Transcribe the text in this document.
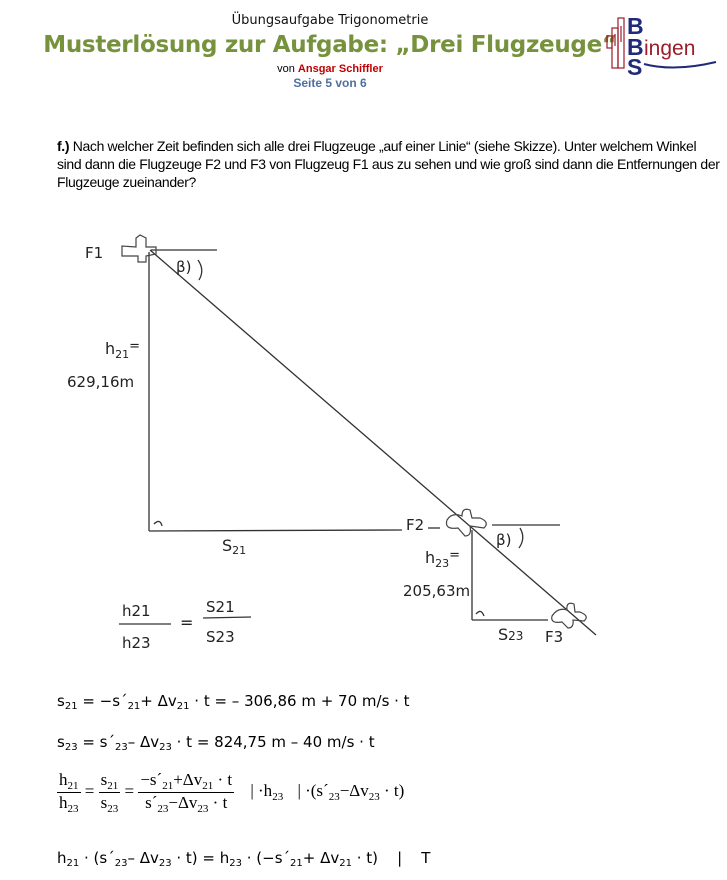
Übungsaufgabe Trigonometrie
Musterlösung zur Aufgabe: „Drei Flugzeuge“
von Ansgar Schiffler
Seite 5 von 6
B
B ingen
S
f.) Nach welcher Zeit befinden sich alle drei Flugzeuge „auf einer Linie“ (siehe Skizze). Unter welchem Winkel sind dann die Flugzeuge F2 und F3 von Flugzeug F1 aus zu sehen und wie groß sind dann die Entfernungen der Flugzeuge zueinander?
F1
β)
F2
β)
F3
$h_{21}^=$
629,16m
$h_{23}^=$
205,63m
S21
S23
h21
h23
=
S21
S23
$s_{21}$ = $-s´_{21}+ \Delta v_{21} \cdot t$ = – 306,86 m + 70 m/s · t
$s_{23}$ = $s´_{23}-$ $\Delta v_{23} \cdot t = 824,75$ m – 40 m/s · t
$\frac{h_{21}}{h_{23}} = \frac{s_{21}}{s_{23}} = \frac{-s´_{21}+\Delta v_{21} \cdot t}{s´_{23}-\Delta v_{23} \cdot t}$ | $\cdot h_{23}$ | $\cdot(s´_{23}-\Delta v_{23} \cdot t)$
$h_{21}$ · ($s´_{23}-$ $\Delta v_{23} \cdot t) = h_{23}$ · $(-s´_{21}+ \Delta v_{21} \cdot t)$    |    T
